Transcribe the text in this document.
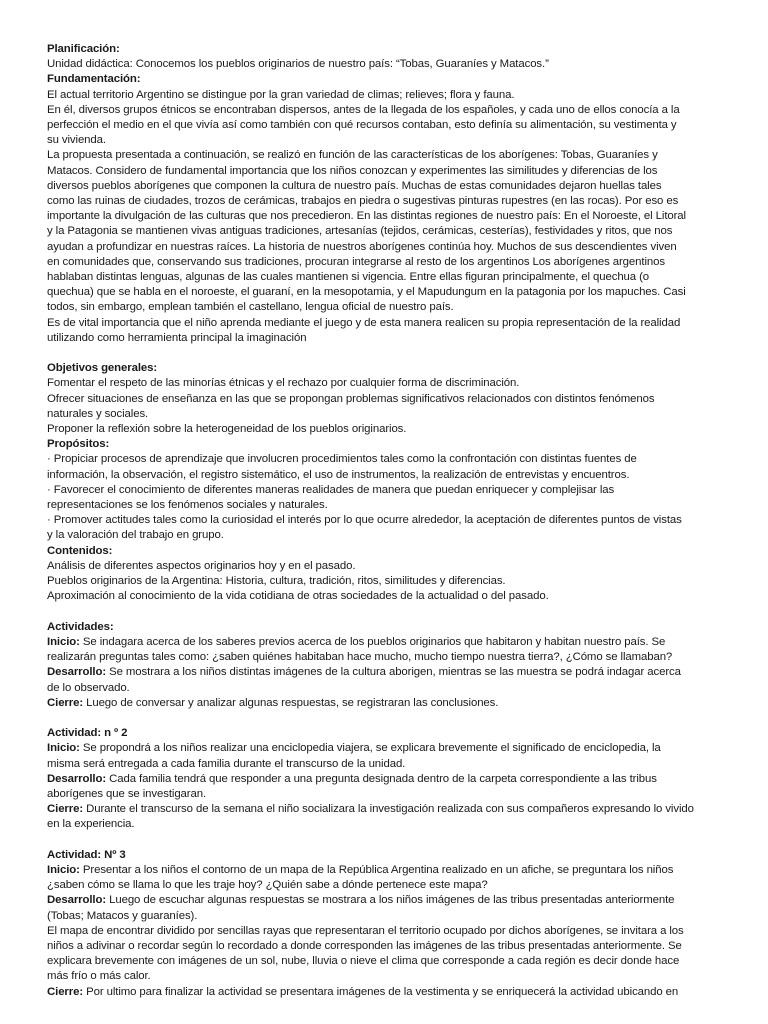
Planificación:
Unidad didáctica: Conocemos los pueblos originarios de nuestro país: “Tobas, Guaraníes y Matacos.”
Fundamentación:
El actual territorio Argentino se distingue por la gran variedad de climas; relieves; flora y fauna.
En él, diversos grupos étnicos se encontraban dispersos, antes de la llegada de los españoles, y cada uno de ellos conocía a la
perfección el medio en el que vivía así como también con qué recursos contaban, esto definía su alimentación, su vestimenta y
su vivienda.
La propuesta presentada a continuación, se realizó en función de las características de los aborígenes: Tobas, Guaraníes y
Matacos. Considero de fundamental importancia que los niños conozcan y experimentes las similitudes y diferencias de los
diversos pueblos aborígenes que componen la cultura de nuestro país. Muchas de estas comunidades dejaron huellas tales
como las ruinas de ciudades, trozos de cerámicas, trabajos en piedra o sugestivas pinturas rupestres (en las rocas). Por eso es
importante la divulgación de las culturas que nos precedieron. En las distintas regiones de nuestro país: En el Noroeste, el Litoral
y la Patagonia se mantienen vivas antiguas tradiciones, artesanías (tejidos, cerámicas, cesterías), festividades y ritos, que nos
ayudan a profundizar en nuestras raíces. La historia de nuestros aborígenes continúa hoy. Muchos de sus descendientes viven
en comunidades que, conservando sus tradiciones, procuran integrarse al resto de los argentinos Los aborígenes argentinos
hablaban distintas lenguas, algunas de las cuales mantienen si vigencia. Entre ellas figuran principalmente, el quechua (o
quechua) que se habla en el noroeste, el guaraní, en la mesopotamia, y el Mapudungum en la patagonia por los mapuches. Casi
todos, sin embargo, emplean también el castellano, lengua oficial de nuestro país.
Es de vital importancia que el niño aprenda mediante el juego y de esta manera realicen su propia representación de la realidad
utilizando como herramienta principal la imaginación
Objetivos generales:
Fomentar el respeto de las minorías étnicas y el rechazo por cualquier forma de discriminación.
Ofrecer situaciones de enseñanza en las que se propongan problemas significativos relacionados con distintos fenómenos
naturales y sociales.
Proponer la reflexión sobre la heterogeneidad de los pueblos originarios.
Propósitos:
· Propiciar procesos de aprendizaje que involucren procedimientos tales como la confrontación con distintas fuentes de
información, la observación, el registro sistemático, el uso de instrumentos, la realización de entrevistas y encuentros.
· Favorecer el conocimiento de diferentes maneras realidades de manera que puedan enriquecer y complejisar las
representaciones se los fenómenos sociales y naturales.
· Promover actitudes tales como la curiosidad el interés por lo que ocurre alrededor, la aceptación de diferentes puntos de vistas
y la valoración del trabajo en grupo.
Contenidos:
Análisis de diferentes aspectos originarios hoy y en el pasado.
Pueblos originarios de la Argentina: Historia, cultura, tradición, ritos, similitudes y diferencias.
Aproximación al conocimiento de la vida cotidiana de otras sociedades de la actualidad o del pasado.
Actividades:
Inicio: Se indagara acerca de los saberes previos acerca de los pueblos originarios que habitaron y habitan nuestro país. Se
realizarán preguntas tales como: ¿saben quiénes habitaban hace mucho, mucho tiempo nuestra tierra?, ¿Cómo se llamaban?
Desarrollo: Se mostrara a los niños distintas imágenes de la cultura aborigen, mientras se las muestra se podrá indagar acerca
de lo observado.
Cierre: Luego de conversar y analizar algunas respuestas, se registraran las conclusiones.
Actividad: n º 2
Inicio: Se propondrá a los niños realizar una enciclopedia viajera, se explicara brevemente el significado de enciclopedia, la
misma será entregada a cada familia durante el transcurso de la unidad.
Desarrollo: Cada familia tendrá que responder a una pregunta designada dentro de la carpeta correspondiente a las tribus
aborígenes que se investigaran.
Cierre: Durante el transcurso de la semana el niño socializara la investigación realizada con sus compañeros expresando lo vivido
en la experiencia.
Actividad: Nº 3
Inicio: Presentar a los niños el contorno de un mapa de la República Argentina realizado en un afiche, se preguntara los niños
¿saben cómo se llama lo que les traje hoy? ¿Quién sabe a dónde pertenece este mapa?
Desarrollo: Luego de escuchar algunas respuestas se mostrara a los niños imágenes de las tribus presentadas anteriormente
(Tobas; Matacos y guaraníes).
El mapa de encontrar dividido por sencillas rayas que representaran el territorio ocupado por dichos aborígenes, se invitara a los
niños a adivinar o recordar según lo recordado a donde corresponden las imágenes de las tribus presentadas anteriormente. Se
explicara brevemente con imágenes de un sol, nube, lluvia o nieve el clima que corresponde a cada región es decir donde hace
más frío o más calor.
Cierre: Por ultimo para finalizar la actividad se presentara imágenes de la vestimenta y se enriquecerá la actividad ubicando en
